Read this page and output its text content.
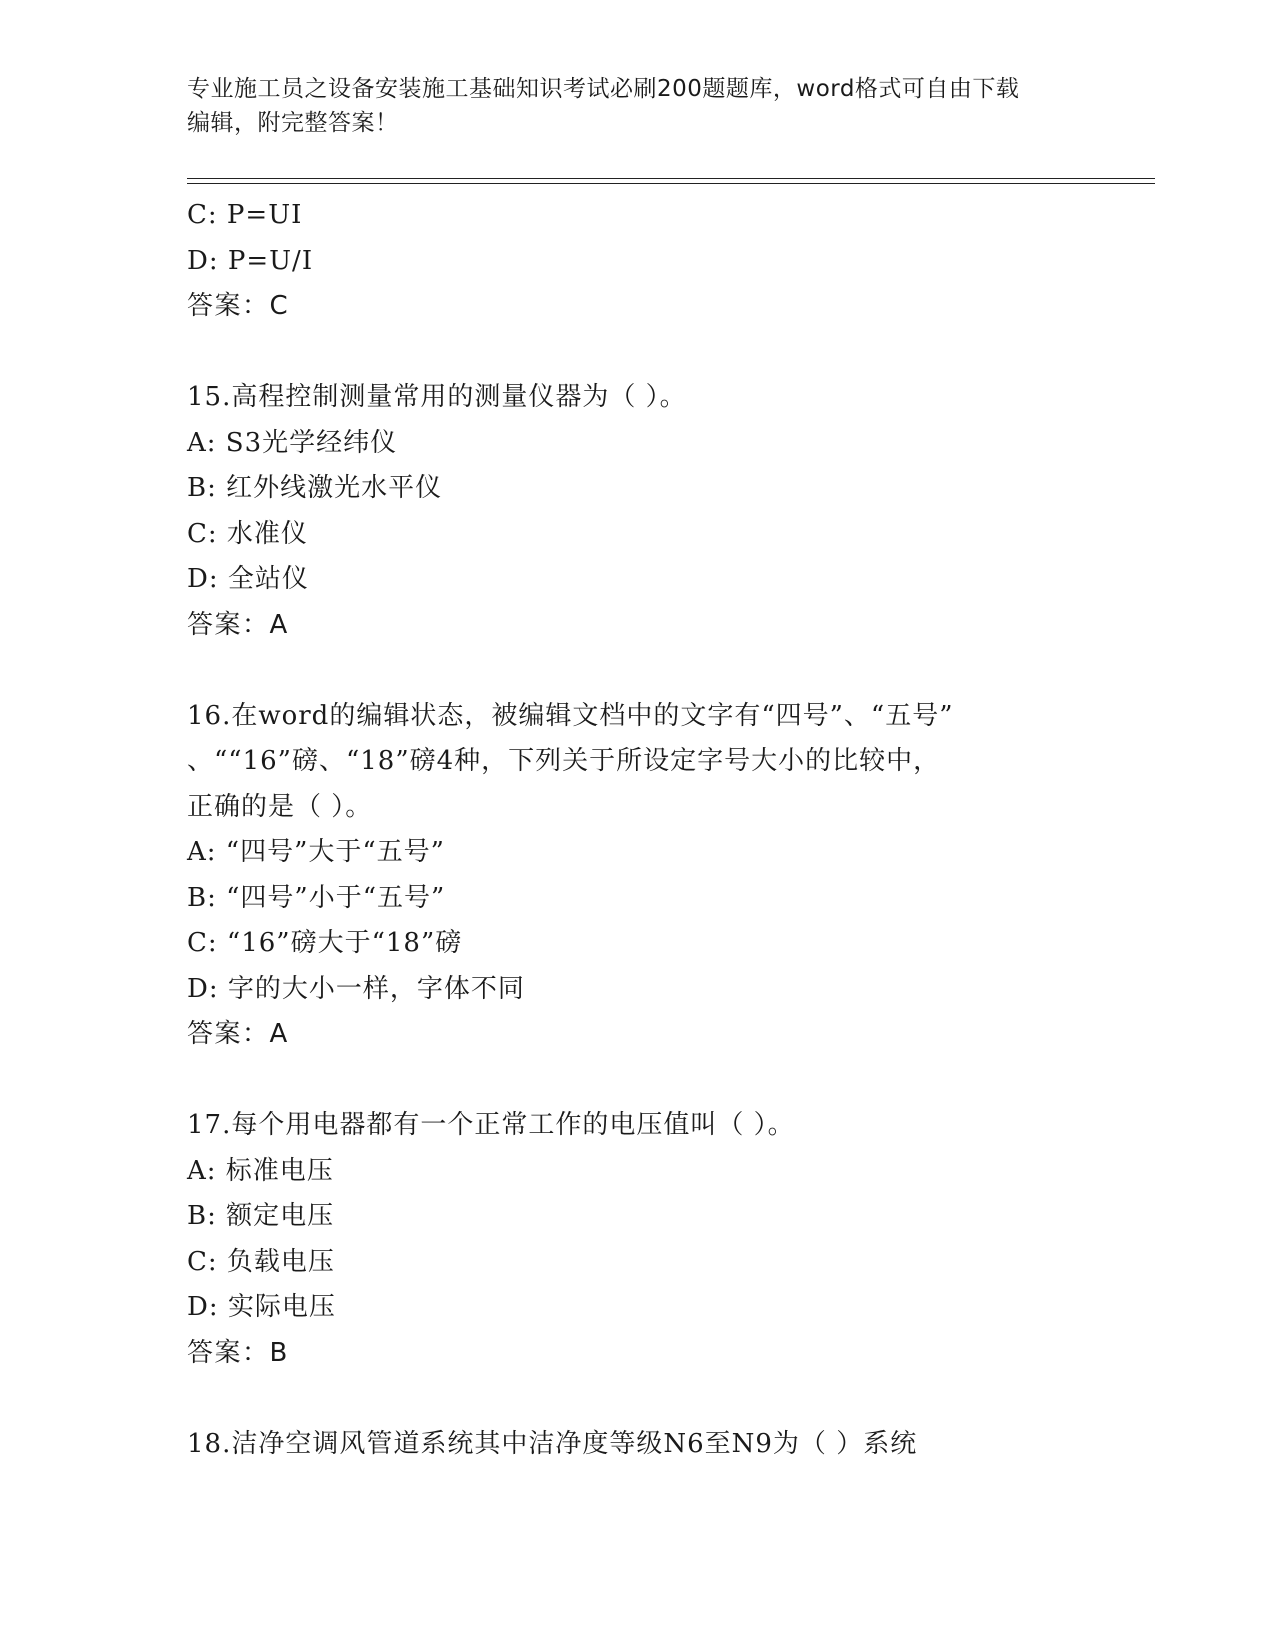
专业施工员之设备安装施工基础知识考试必刷200题题库，word格式可自由下载
编辑，附完整答案！
C: P=UI
D: P=U/I
答案：C
15.高程控制测量常用的测量仪器为（ ）。
A: S3光学经纬仪
B: 红外线激光水平仪
C: 水准仪
D: 全站仪
答案：A
16.在word的编辑状态，被编辑文档中的文字有“四号”、“五号”
、““16”磅、“18”磅4种，下列关于所设定字号大小的比较中，
正确的是（ ）。
A: “四号”大于“五号”
B: “四号”小于“五号”
C: “16”磅大于“18”磅
D: 字的大小一样，字体不同
答案：A
17.每个用电器都有一个正常工作的电压值叫（ ）。
A: 标准电压
B: 额定电压
C: 负载电压
D: 实际电压
答案：B
18.洁净空调风管道系统其中洁净度等级N6至N9为（ ）系统
